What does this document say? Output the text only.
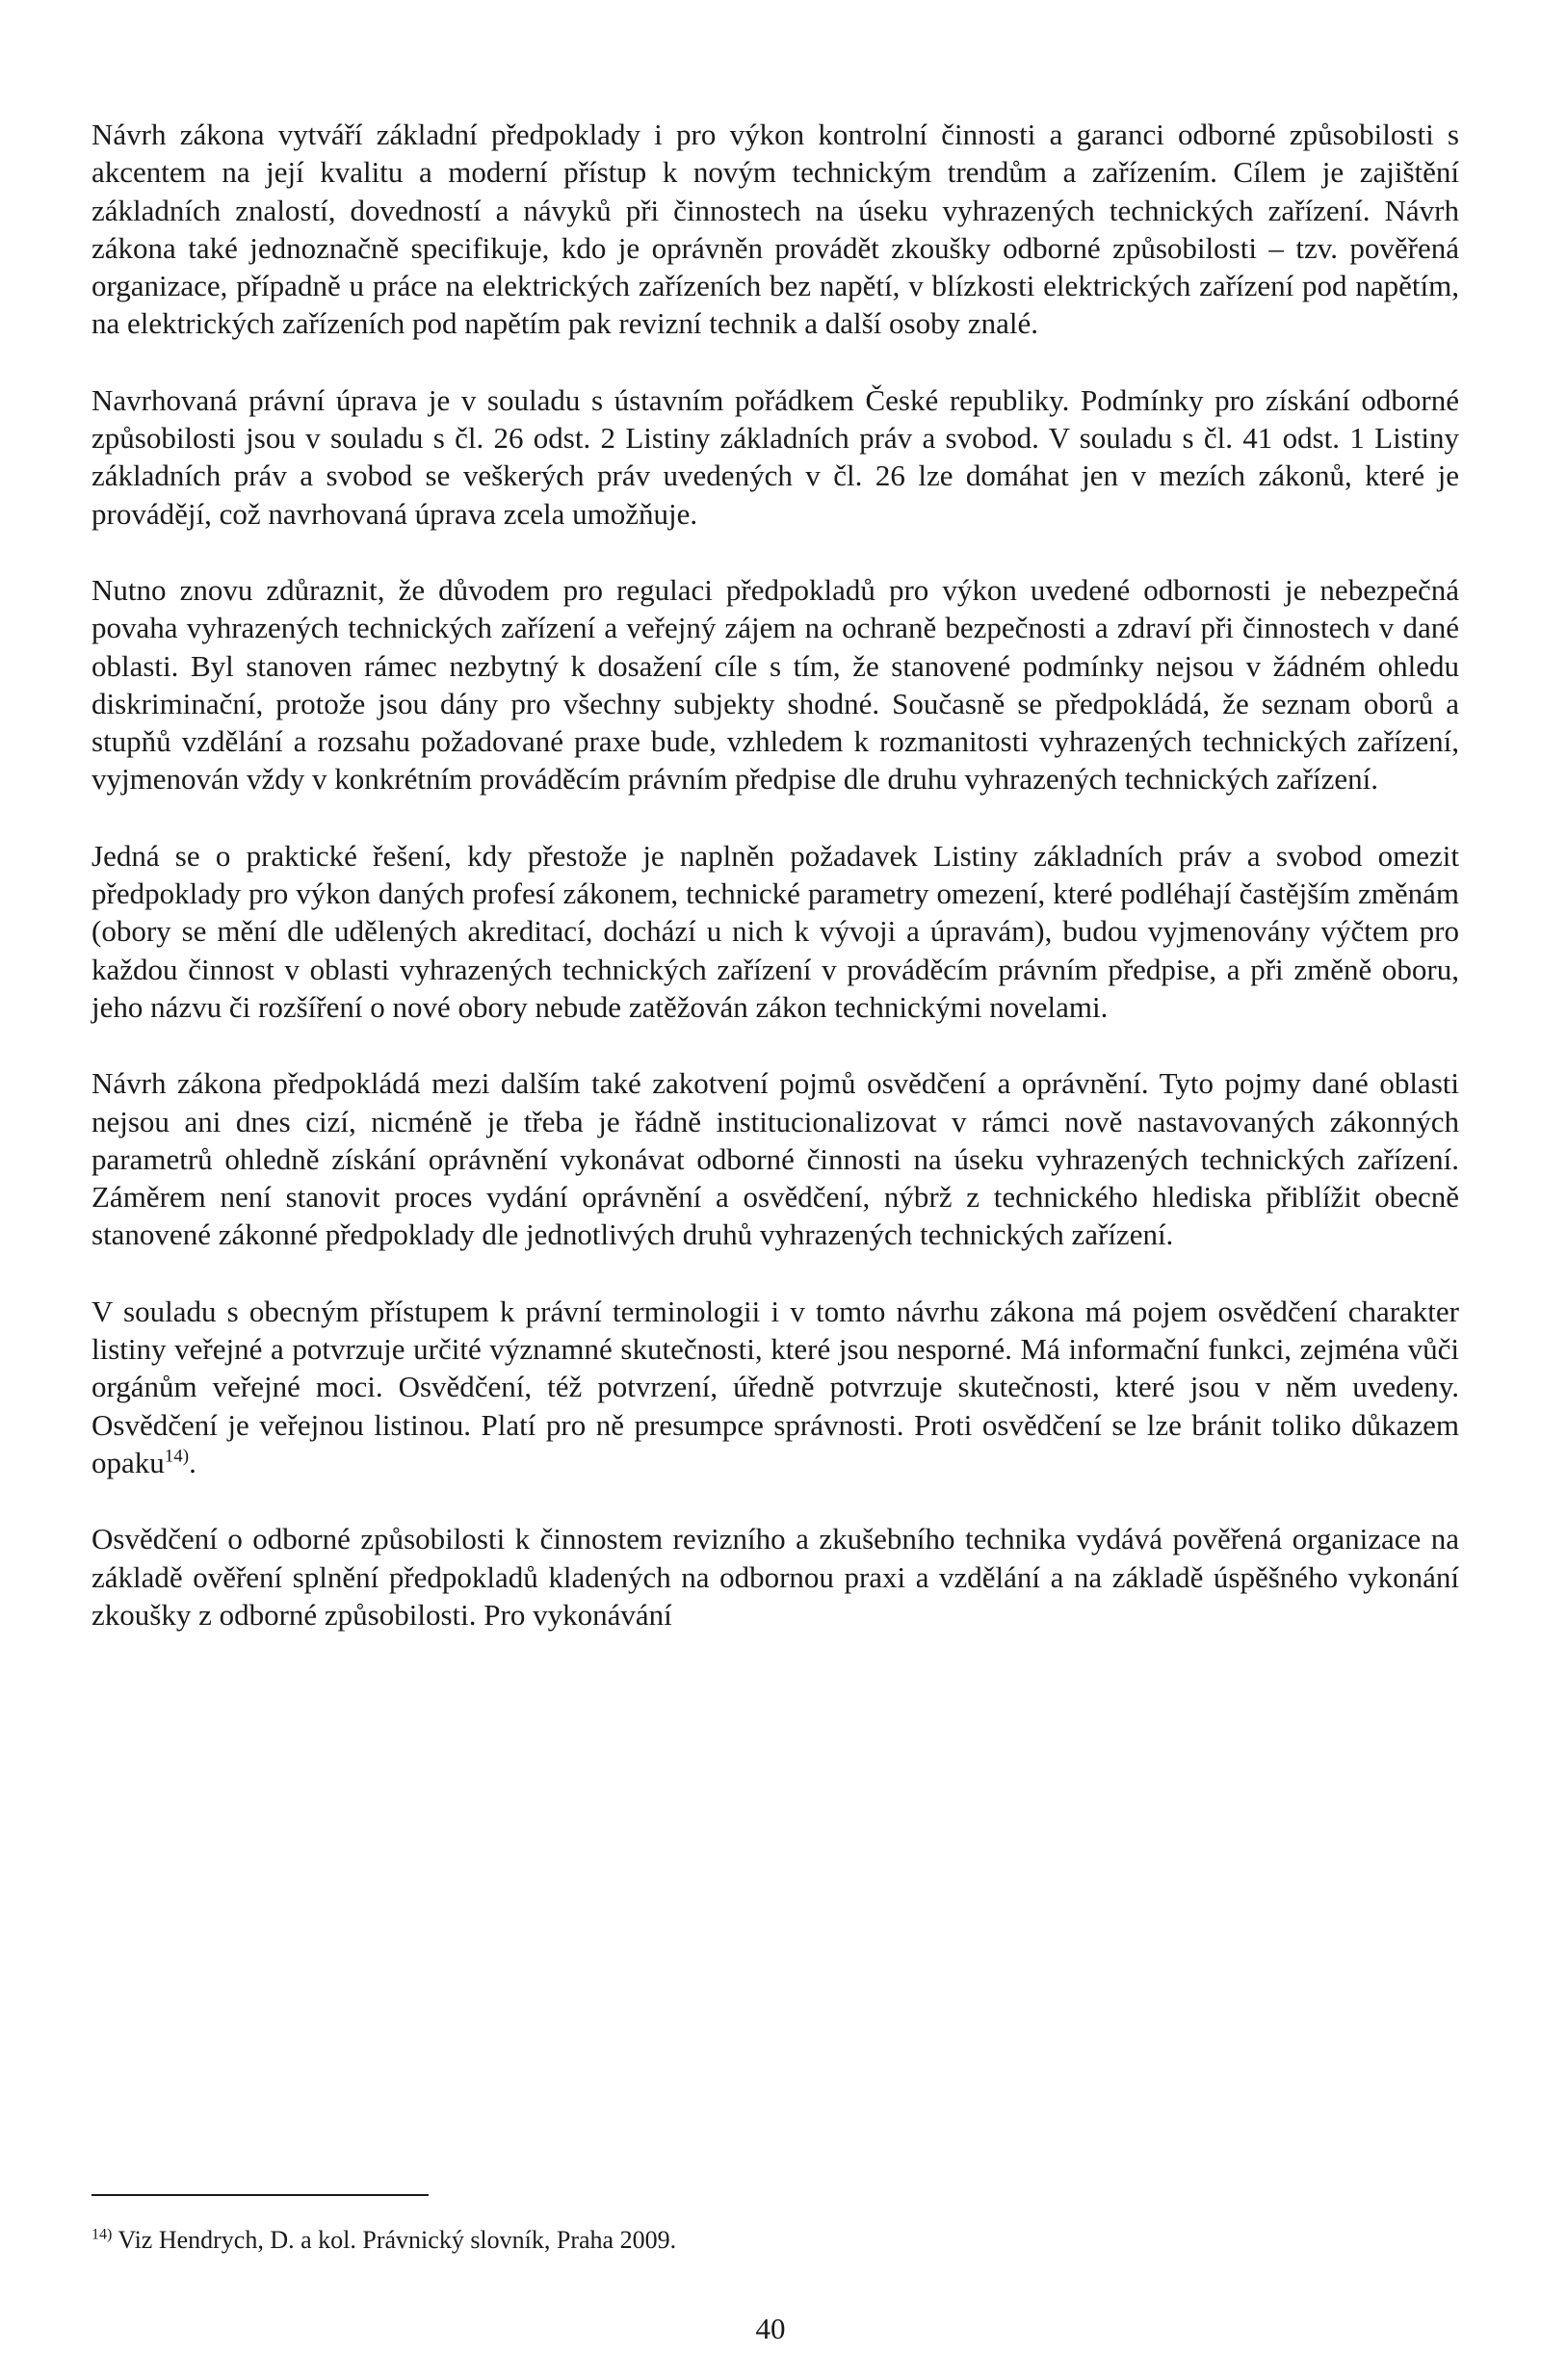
Návrh zákona vytváří základní předpoklady i pro výkon kontrolní činnosti a garanci odborné způsobilosti s akcentem na její kvalitu a moderní přístup k novým technickým trendům a zařízením. Cílem je zajištění základních znalostí, dovedností a návyků při činnostech na úseku vyhrazených technických zařízení. Návrh zákona také jednoznačně specifikuje, kdo je oprávněn provádět zkoušky odborné způsobilosti – tzv. pověřená organizace, případně u práce na elektrických zařízeních bez napětí, v blízkosti elektrických zařízení pod napětím, na elektrických zařízeních pod napětím pak revizní technik a další osoby znalé.

Navrhovaná právní úprava je v souladu s ústavním pořádkem České republiky. Podmínky pro získání odborné způsobilosti jsou v souladu s čl. 26 odst. 2 Listiny základních práv a svobod. V souladu s čl. 41 odst. 1 Listiny základních práv a svobod se veškerých práv uvedených v čl. 26 lze domáhat jen v mezích zákonů, které je provádějí, což navrhovaná úprava zcela umožňuje.

Nutno znovu zdůraznit, že důvodem pro regulaci předpokladů pro výkon uvedené odbornosti je nebezpečná povaha vyhrazených technických zařízení a veřejný zájem na ochraně bezpečnosti a zdraví při činnostech v dané oblasti. Byl stanoven rámec nezbytný k dosažení cíle s tím, že stanovené podmínky nejsou v žádném ohledu diskriminační, protože jsou dány pro všechny subjekty shodné. Současně se předpokládá, že seznam oborů a stupňů vzdělání a rozsahu požadované praxe bude, vzhledem k rozmanitosti vyhrazených technických zařízení, vyjmenován vždy v konkrétním prováděcím právním předpise dle druhu vyhrazených technických zařízení.

Jedná se o praktické řešení, kdy přestože je naplněn požadavek Listiny základních práv a svobod omezit předpoklady pro výkon daných profesí zákonem, technické parametry omezení, které podléhají častějším změnám (obory se mění dle udělených akreditací, dochází u nich k vývoji a úpravám), budou vyjmenovány výčtem pro každou činnost v oblasti vyhrazených technických zařízení v prováděcím právním předpise, a při změně oboru, jeho názvu či rozšíření o nové obory nebude zatěžován zákon technickými novelami.

Návrh zákona předpokládá mezi dalším také zakotvení pojmů osvědčení a oprávnění. Tyto pojmy dané oblasti nejsou ani dnes cizí, nicméně je třeba je řádně institucionalizovat v rámci nově nastavovaných zákonných parametrů ohledně získání oprávnění vykonávat odborné činnosti na úseku vyhrazených technických zařízení. Záměrem není stanovit proces vydání oprávnění a osvědčení, nýbrž z technického hlediska přiblížit obecně stanovené zákonné předpoklady dle jednotlivých druhů vyhrazených technických zařízení.

V souladu s obecným přístupem k právní terminologii i v tomto návrhu zákona má pojem osvědčení charakter listiny veřejné a potvrzuje určité významné skutečnosti, které jsou nesporné. Má informační funkci, zejména vůči orgánům veřejné moci. Osvědčení, též potvrzení, úředně potvrzuje skutečnosti, které jsou v něm uvedeny. Osvědčení je veřejnou listinou. Platí pro ně presumpce správnosti. Proti osvědčení se lze bránit toliko důkazem opaku$^{14)}$.

Osvědčení o odborné způsobilosti k činnostem revizního a zkušebního technika vydává pověřená organizace na základě ověření splnění předpokladů kladených na odbornou praxi a vzdělání a na základě úspěšného vykonání zkoušky z odborné způsobilosti. Pro vykonávání

$^{14)}$ Viz Hendrych, D. a kol. Právnický slovník, Praha 2009.
40
